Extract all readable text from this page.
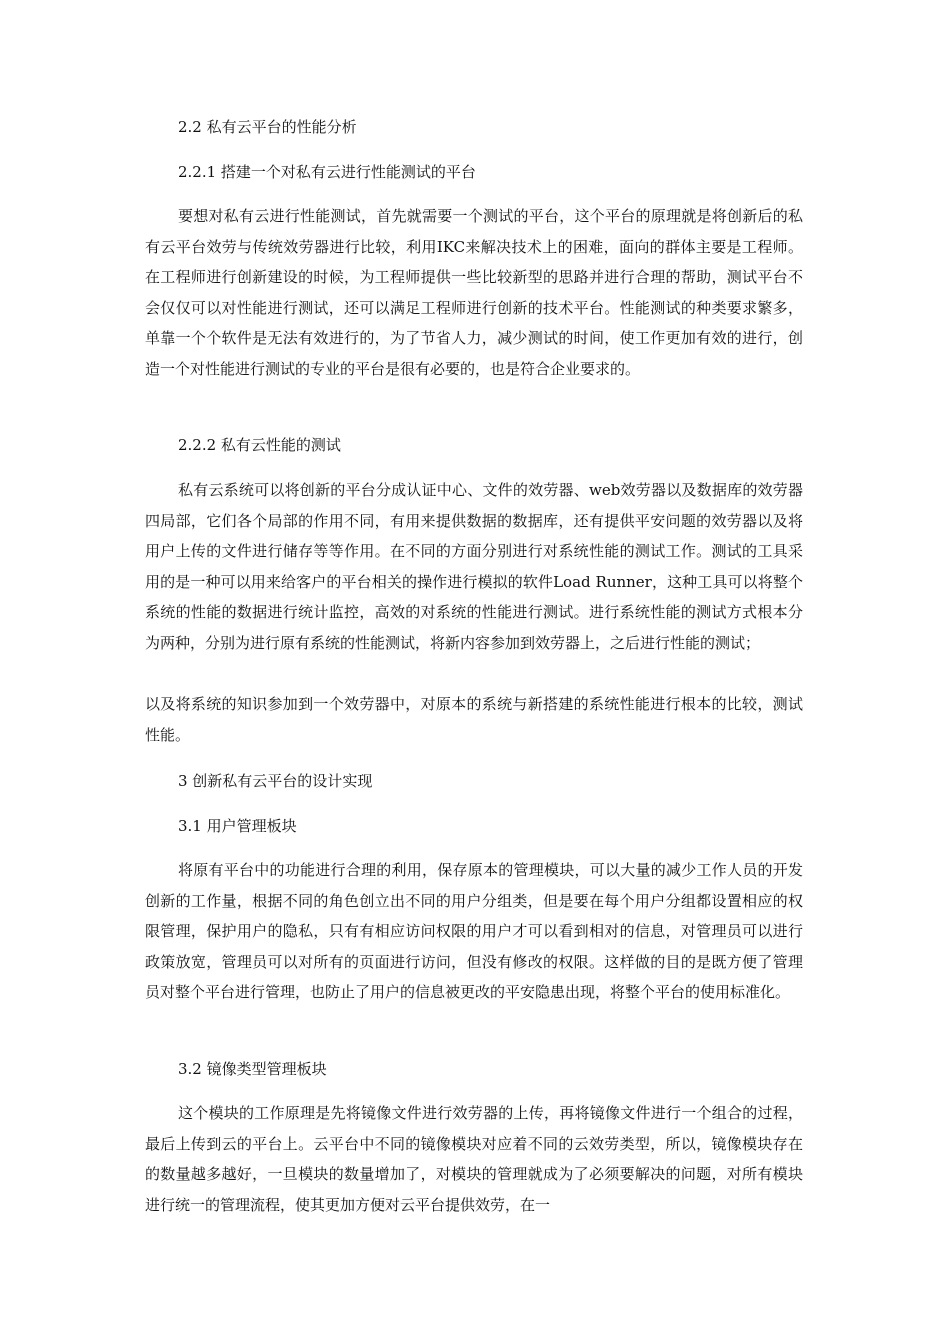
2.2 私有云平台的性能分析

2.2.1 搭建一个对私有云进行性能测试的平台

要想对私有云进行性能测试，首先就需要一个测试的平台，这个平台的原理就是将创新后的私有云平台效劳与传统效劳器进行比较，利用IKC来解决技术上的困难，面向的群体主要是工程师。在工程师进行创新建设的时候，为工程师提供一些比较新型的思路并进行合理的帮助，测试平台不会仅仅可以对性能进行测试，还可以满足工程师进行创新的技术平台。性能测试的种类要求繁多，单靠一个个软件是无法有效进行的，为了节省人力，减少测试的时间，使工作更加有效的进行，创造一个对性能进行测试的专业的平台是很有必要的，也是符合企业要求的。

2.2.2 私有云性能的测试

私有云系统可以将创新的平台分成认证中心、文件的效劳器、web效劳器以及数据库的效劳器四局部，它们各个局部的作用不同，有用来提供数据的数据库，还有提供平安问题的效劳器以及将用户上传的文件进行储存等等作用。在不同的方面分别进行对系统性能的测试工作。测试的工具采用的是一种可以用来给客户的平台相关的操作进行模拟的软件Load Runner，这种工具可以将整个系统的性能的数据进行统计监控，高效的对系统的性能进行测试。进行系统性能的测试方式根本分为两种，分别为进行原有系统的性能测试，将新内容参加到效劳器上，之后进行性能的测试；

以及将系统的知识参加到一个效劳器中，对原本的系统与新搭建的系统性能进行根本的比较，测试性能。

3 创新私有云平台的设计实现

3.1 用户管理板块

将原有平台中的功能进行合理的利用，保存原本的管理模块，可以大量的减少工作人员的开发创新的工作量，根据不同的角色创立出不同的用户分组类，但是要在每个用户分组都设置相应的权限管理，保护用户的隐私，只有有相应访问权限的用户才可以看到相对的信息，对管理员可以进行政策放宽，管理员可以对所有的页面进行访问，但没有修改的权限。这样做的目的是既方便了管理员对整个平台进行管理，也防止了用户的信息被更改的平安隐患出现，将整个平台的使用标准化。

3.2 镜像类型管理板块

这个模块的工作原理是先将镜像文件进行效劳器的上传，再将镜像文件进行一个组合的过程，最后上传到云的平台上。云平台中不同的镜像模块对应着不同的云效劳类型，所以，镜像模块存在的数量越多越好，一旦模块的数量增加了，对模块的管理就成为了必须要解决的问题，对所有模块进行统一的管理流程，使其更加方便对云平台提供效劳，在一
